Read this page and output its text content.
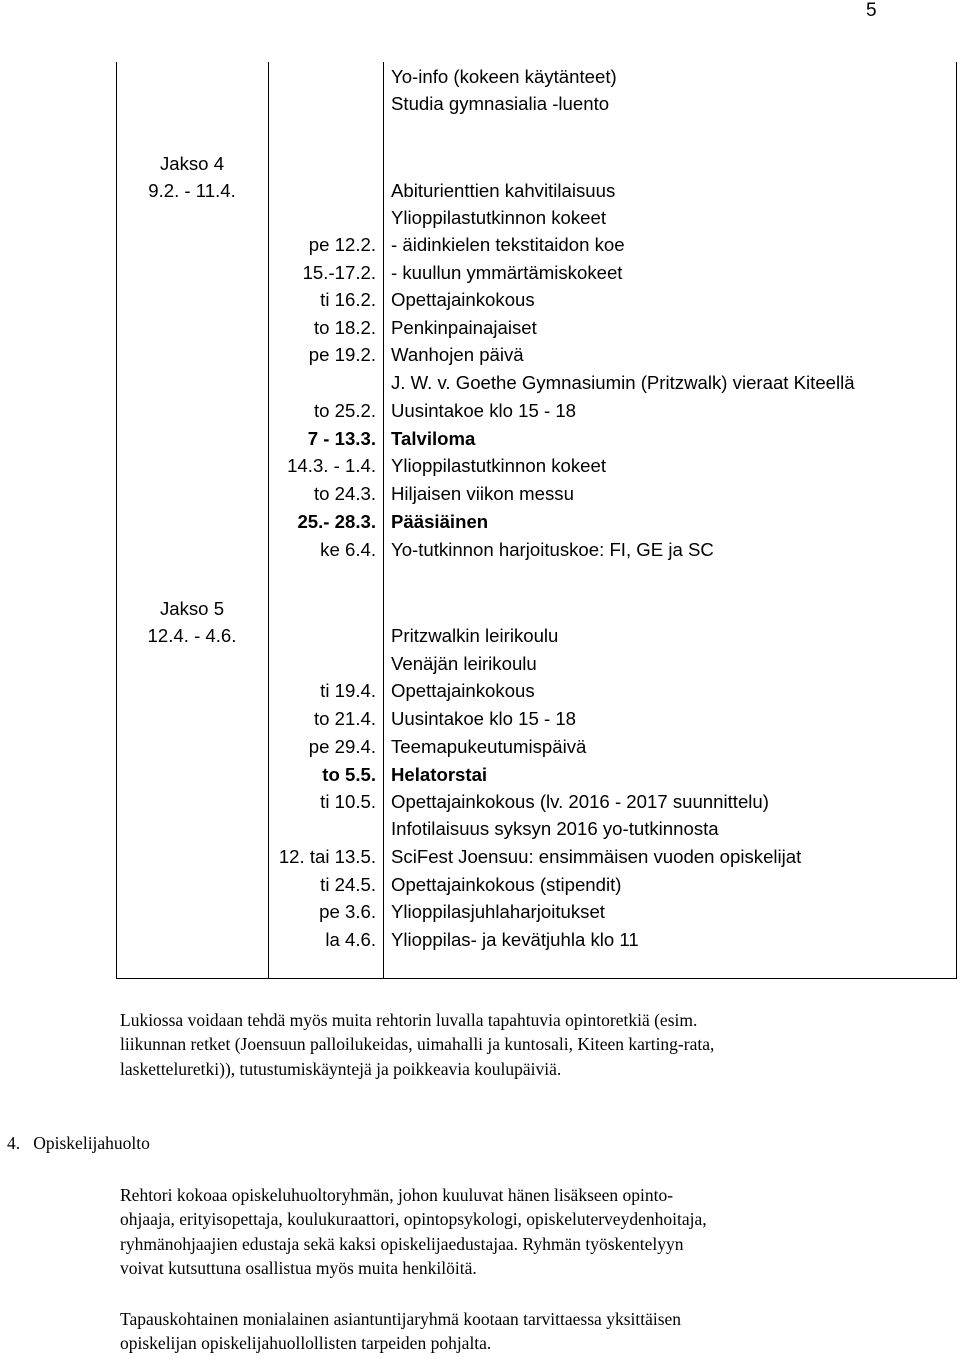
5
Yo-info (kokeen käytänteet)
Studia gymnasialia -luento
Jakso 4
9.2. - 11.4.	Abiturienttien kahvitilaisuus
Ylioppilastutkinnon kokeet
pe 12.2. - äidinkielen tekstitaidon koe
15.-17.2. - kuullun ymmärtämiskokeet
ti 16.2. Opettajainkokous
to 18.2. Penkinpainajaiset
pe 19.2. Wanhojen päivä
J. W. v. Goethe Gymnasiumin (Pritzwalk) vieraat Kiteellä
to 25.2. Uusintakoe klo 15 - 18
7 - 13.3. Talviloma
14.3. - 1.4. Ylioppilastutkinnon kokeet
to 24.3. Hiljaisen viikon messu
25.- 28.3. Pääsiäinen
ke 6.4. Yo-tutkinnon harjoituskoe: FI, GE ja SC
Jakso 5
12.4. - 4.6.	Pritzwalkin leirikoulu
Venäjän leirikoulu
ti 19.4. Opettajainkokous
to 21.4. Uusintakoe klo 15 - 18
pe 29.4. Teemapukeutumispäivä
to 5.5. Helatorstai
ti 10.5. Opettajainkokous (lv. 2016 - 2017 suunnittelu)
Infotilaisuus syksyn 2016 yo-tutkinnosta
12. tai 13.5. SciFest Joensuu: ensimmäisen vuoden opiskelijat
ti 24.5. Opettajainkokous (stipendit)
pe 3.6. Ylioppilasjuhlaharjoitukset
la 4.6. Ylioppilas- ja kevätjuhla klo 11
Lukiossa voidaan tehdä myös muita rehtorin luvalla tapahtuvia opintoretkiä (esim.
liikunnan retket (Joensuun palloilukeidas, uimahalli ja kuntosali, Kiteen karting-rata,
lasketteluretki)), tutustumiskäyntejä ja poikkeavia koulupäiviä.
4.   Opiskelijahuolto
Rehtori kokoaa opiskeluhuoltoryhmän, johon kuuluvat hänen lisäkseen opinto-
ohjaaja, erityisopettaja, koulukuraattori, opintopsykologi, opiskeluterveydenhoitaja,
ryhmänohjaajien edustaja sekä kaksi opiskelijaedustajaa. Ryhmän työskentelyyn
voivat kutsuttuna osallistua myös muita henkilöitä.
Tapauskohtainen monialainen asiantuntijaryhmä kootaan tarvittaessa yksittäisen
opiskelijan opiskelijahuollollisten tarpeiden pohjalta.
